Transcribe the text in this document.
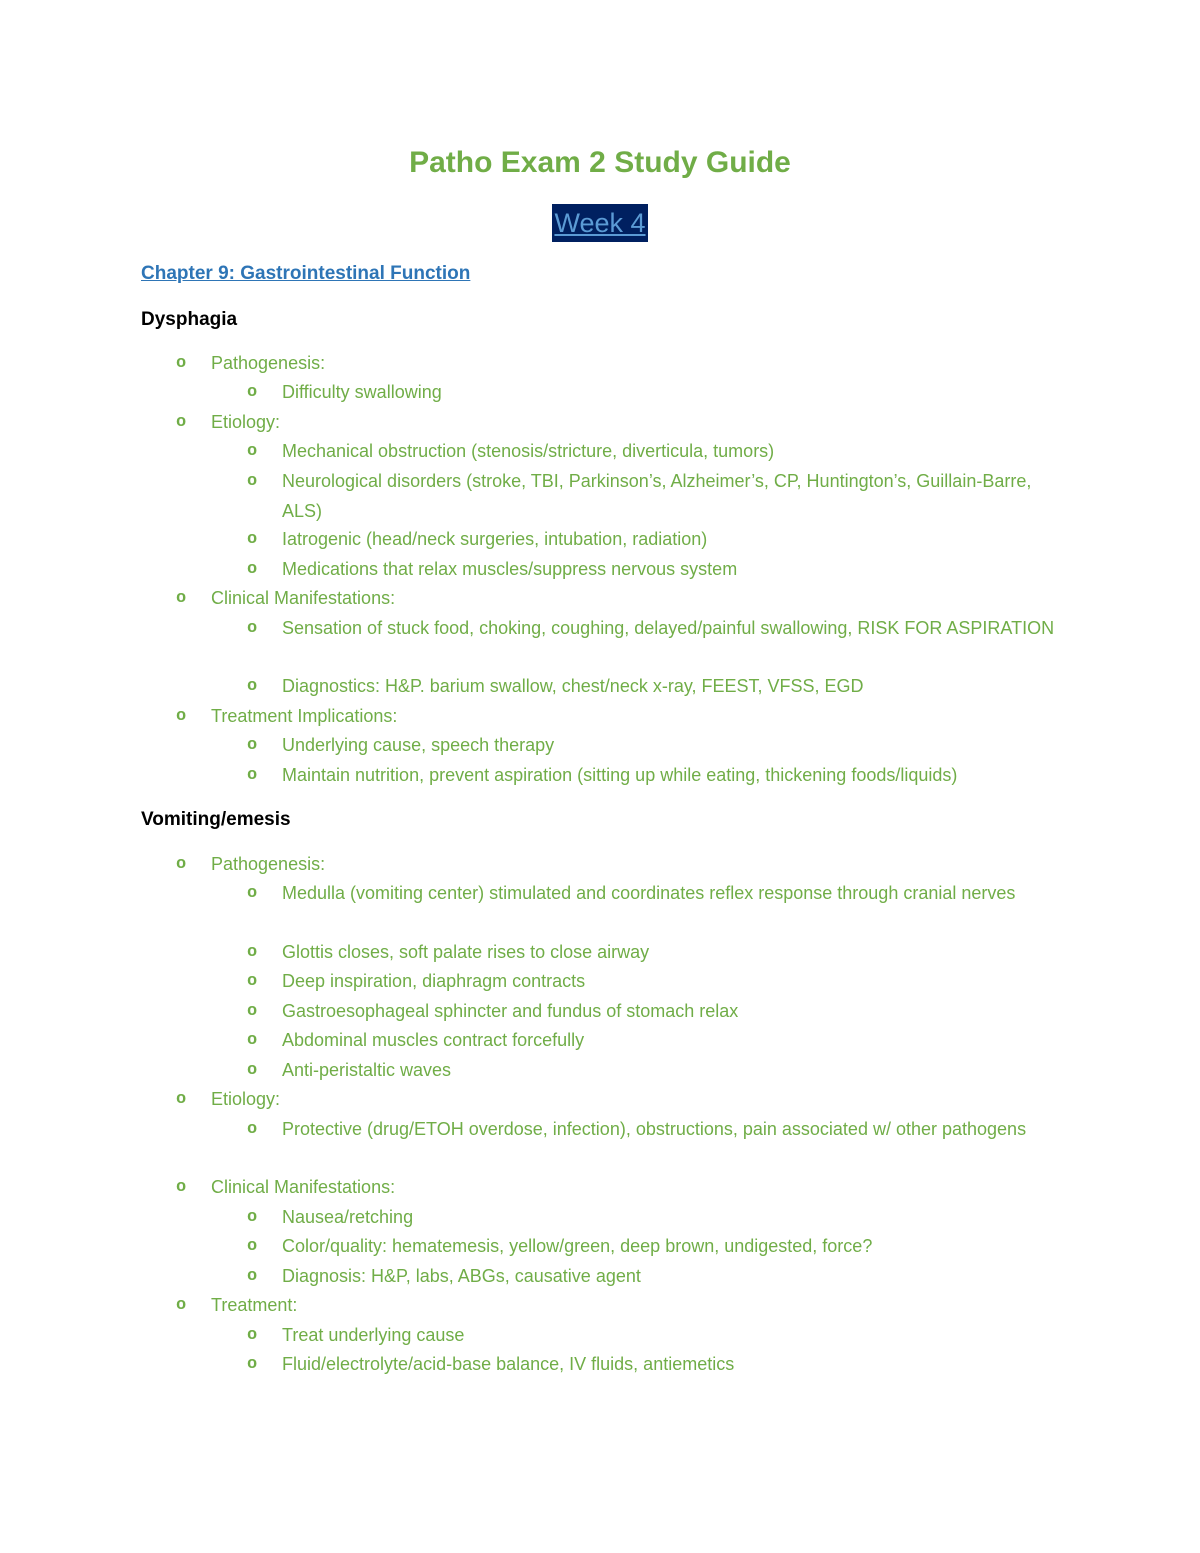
Patho Exam 2 Study Guide
Week 4
Chapter 9: Gastrointestinal Function
Dysphagia
o Pathogenesis:
o Difficulty swallowing
o Etiology:
o Mechanical obstruction (stenosis/stricture, diverticula, tumors)
o Neurological disorders (stroke, TBI, Parkinson’s, Alzheimer’s, CP, Huntington’s, Guillain-Barre, ALS)
o Iatrogenic (head/neck surgeries, intubation, radiation)
o Medications that relax muscles/suppress nervous system
o Clinical Manifestations:
o Sensation of stuck food, choking, coughing, delayed/painful swallowing, RISK FOR ASPIRATION
o Diagnostics: H&P. barium swallow, chest/neck x-ray, FEEST, VFSS, EGD
o Treatment Implications:
o Underlying cause, speech therapy
o Maintain nutrition, prevent aspiration (sitting up while eating, thickening foods/liquids)
Vomiting/emesis
o Pathogenesis:
o Medulla (vomiting center) stimulated and coordinates reflex response through cranial nerves
o Glottis closes, soft palate rises to close airway
o Deep inspiration, diaphragm contracts
o Gastroesophageal sphincter and fundus of stomach relax
o Abdominal muscles contract forcefully
o Anti-peristaltic waves
o Etiology:
o Protective (drug/ETOH overdose, infection), obstructions, pain associated w/ other pathogens
o Clinical Manifestations:
o Nausea/retching
o Color/quality: hematemesis, yellow/green, deep brown, undigested, force?
o Diagnosis: H&P, labs, ABGs, causative agent
o Treatment:
o Treat underlying cause
o Fluid/electrolyte/acid-base balance, IV fluids, antiemetics
